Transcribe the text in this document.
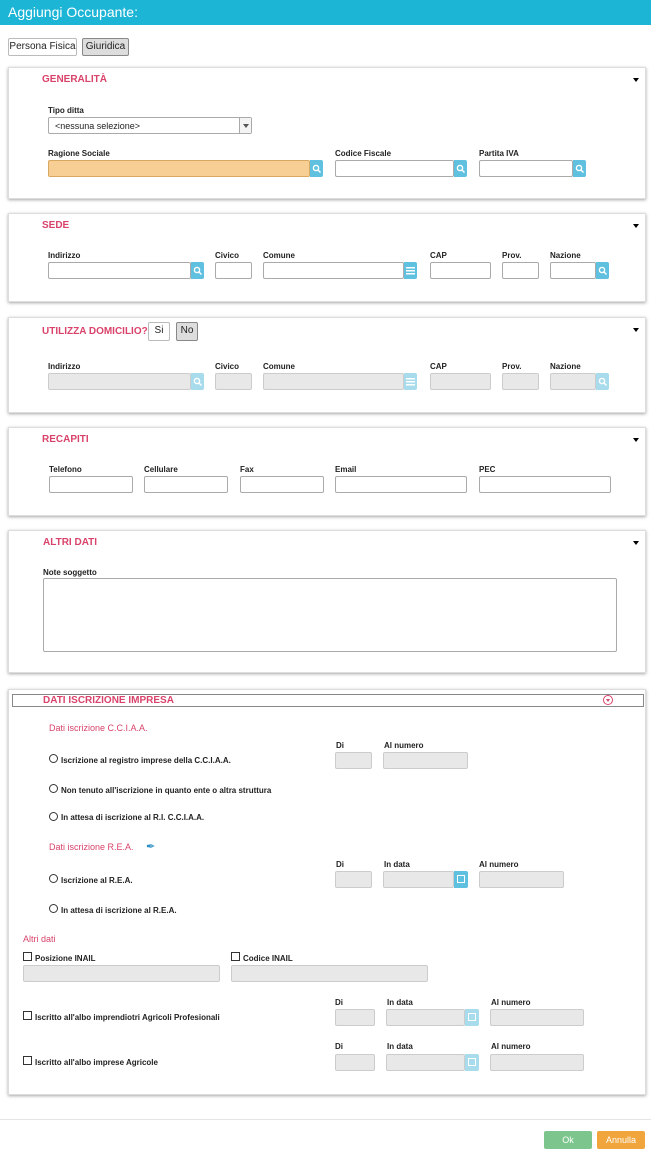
Aggiungi Occupante:
Persona Fisica	Giuridica
GENERALITÀ
Tipo ditta
<nessuna selezione>
Ragione Sociale	Codice Fiscale	Partita IVA
SEDE
Indirizzo	Civico	Comune	CAP	Prov.	Nazione
UTILIZZA DOMICILIO? Si	No
Indirizzo	Civico	Comune	CAP	Prov.	Nazione
RECAPITI
Telefono	Cellulare	Fax	Email	PEC
ALTRI DATI
Note soggetto
DATI ISCRIZIONE IMPRESA
Dati iscrizione C.C.I.A.A.
Di	Al numero
Iscrizione al registro imprese della C.C.I.A.A.
Non tenuto all'iscrizione in quanto ente o altra struttura
In attesa di iscrizione al R.I. C.C.I.A.A.
Dati iscrizione R.E.A. ✒
Di	In data	Al numero
Iscrizione al R.E.A.
In attesa di iscrizione al R.E.A.
Altri dati
Posizione INAIL	Codice INAIL
Di	In data	Al numero
Iscritto all'albo imprendiotri Agricoli Profesionali
Di	In data	Al numero
Iscritto all'albo imprese Agricole
Ok	Annulla
